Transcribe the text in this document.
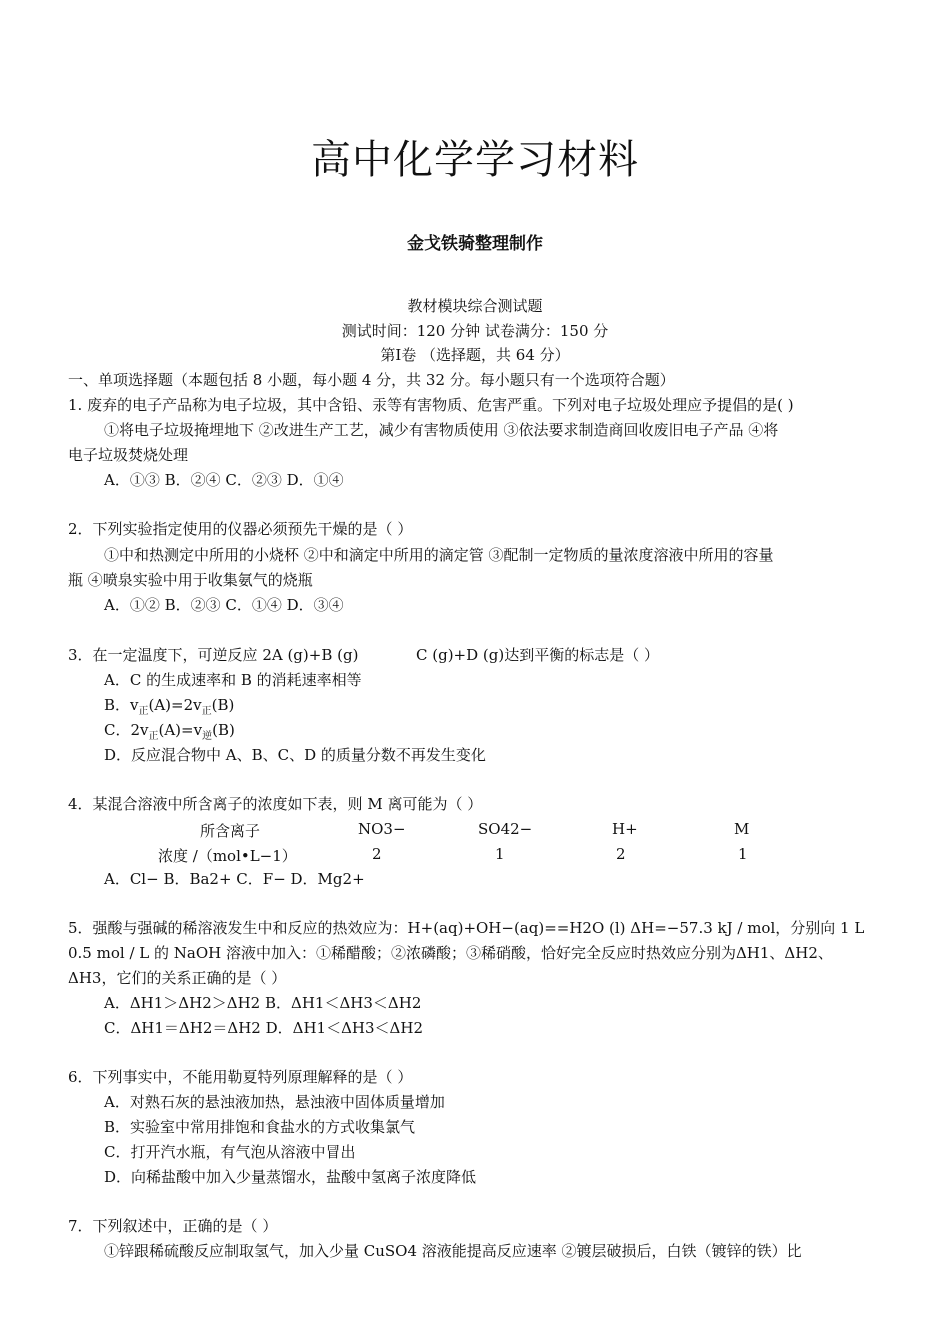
高中化学学习材料
金戈铁骑整理制作
教材模块综合测试题
测试时间：120 分钟 试卷满分：150 分
第Ⅰ卷 （选择题，共 64 分）
一、单项选择题（本题包括 8 小题，每小题 4 分，共 32 分。每小题只有一个选项符合题）
1. 废弃的电子产品称为电子垃圾，其中含铅、汞等有害物质、危害严重。下列对电子垃圾处理应予提倡的是( )
①将电子垃圾掩埋地下 ②改进生产工艺，减少有害物质使用 ③依法要求制造商回收废旧电子产品 ④将
电子垃圾焚烧处理
A．①③ B．②④ C．②③ D．①④
2．下列实验指定使用的仪器必须预先干燥的是（ ）
①中和热测定中所用的小烧杯 ②中和滴定中所用的滴定管 ③配制一定物质的量浓度溶液中所用的容量
瓶 ④喷泉实验中用于收集氨气的烧瓶
A．①② B．②③ C．①④ D．③④
3．在一定温度下，可逆反应 2A (g)+B (g)	C (g)+D (g)达到平衡的标志是（ ）
A．C 的生成速率和 B 的消耗速率相等
B．$v_正(A)=2v_正(B)$
C．$2v_正(A)=v_逆(B)$
D．反应混合物中 A、B、C、D 的质量分数不再发生变化
4．某混合溶液中所含离子的浓度如下表，则 M 离可能为（ ）
所含离子	NO3−	SO42−	H+	M
浓度 /（mol•L−1）	2	1	2	1
A．Cl− B．Ba2+ C．F− D．Mg2+
5．强酸与强碱的稀溶液发生中和反应的热效应为：H+(aq)+OH−(aq)==H2O (l) ΔH=−57.3 kJ / mol，分别向 1 L
0.5 mol / L 的 NaOH 溶液中加入：①稀醋酸；②浓磷酸；③稀硝酸，恰好完全反应时热效应分别为ΔH1、ΔH2、
ΔH3，它们的关系正确的是（ ）
A．ΔH1＞ΔH2＞ΔH2 B．ΔH1＜ΔH3＜ΔH2
C．ΔH1＝ΔH2＝ΔH2 D．ΔH1＜ΔH3＜ΔH2
6．下列事实中，不能用勒夏特列原理解释的是（ ）
A．对熟石灰的悬浊液加热，悬浊液中固体质量增加
B．实验室中常用排饱和食盐水的方式收集氯气
C．打开汽水瓶，有气泡从溶液中冒出
D．向稀盐酸中加入少量蒸馏水，盐酸中氢离子浓度降低
7．下列叙述中，正确的是（ ）
①锌跟稀硫酸反应制取氢气，加入少量 CuSO4 溶液能提高反应速率 ②镀层破损后，白铁（镀锌的铁）比
